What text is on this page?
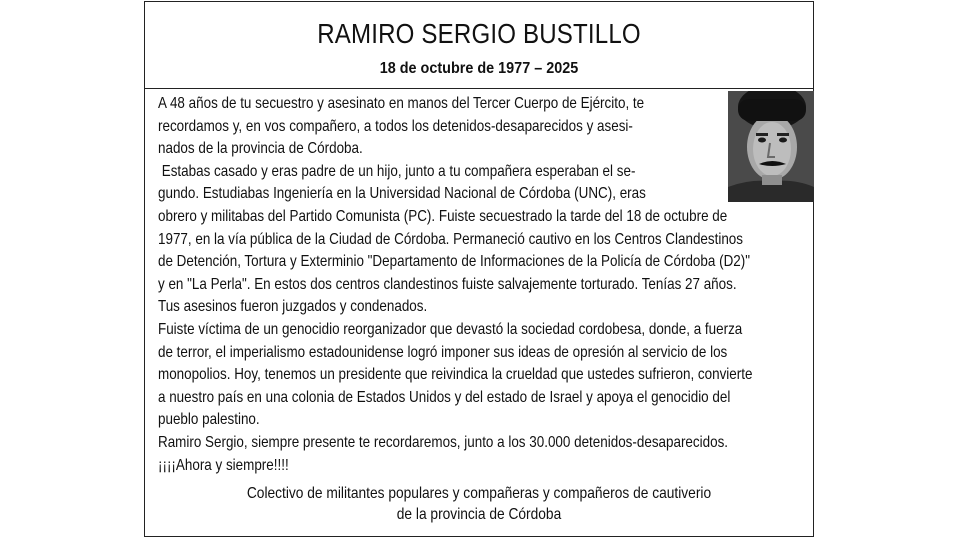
RAMIRO SERGIO BUSTILLO

18 de octubre de 1977 – 2025

A 48 años de tu secuestro y asesinato en manos del Tercer Cuerpo de Ejército, te
recordamos y, en vos compañero, a todos los detenidos-desaparecidos y asesi-
nados de la provincia de Córdoba.
Estabas casado y eras padre de un hijo, junto a tu compañera esperaban el se-
gundo. Estudiabas Ingeniería en la Universidad Nacional de Córdoba (UNC), eras
obrero y militabas del Partido Comunista (PC). Fuiste secuestrado la tarde del 18 de octubre de
1977, en la vía pública de la Ciudad de Córdoba. Permaneció cautivo en los Centros Clandestinos
de Detención, Tortura y Exterminio "Departamento de Informaciones de la Policía de Córdoba (D2)"
y en "La Perla". En estos dos centros clandestinos fuiste salvajemente torturado. Tenías 27 años.
Tus asesinos fueron juzgados y condenados.
Fuiste víctima de un genocidio reorganizador que devastó la sociedad cordobesa, donde, a fuerza
de terror, el imperialismo estadounidense logró imponer sus ideas de opresión al servicio de los
monopolios. Hoy, tenemos un presidente que reivindica la crueldad que ustedes sufrieron, convierte
a nuestro país en una colonia de Estados Unidos y del estado de Israel y apoya el genocidio del
pueblo palestino.
Ramiro Sergio, siempre presente te recordaremos, junto a los 30.000 detenidos-desaparecidos.
¡¡¡¡Ahora y siempre!!!!
Colectivo de militantes populares y compañeras y compañeros de cautiverio
de la provincia de Córdoba
